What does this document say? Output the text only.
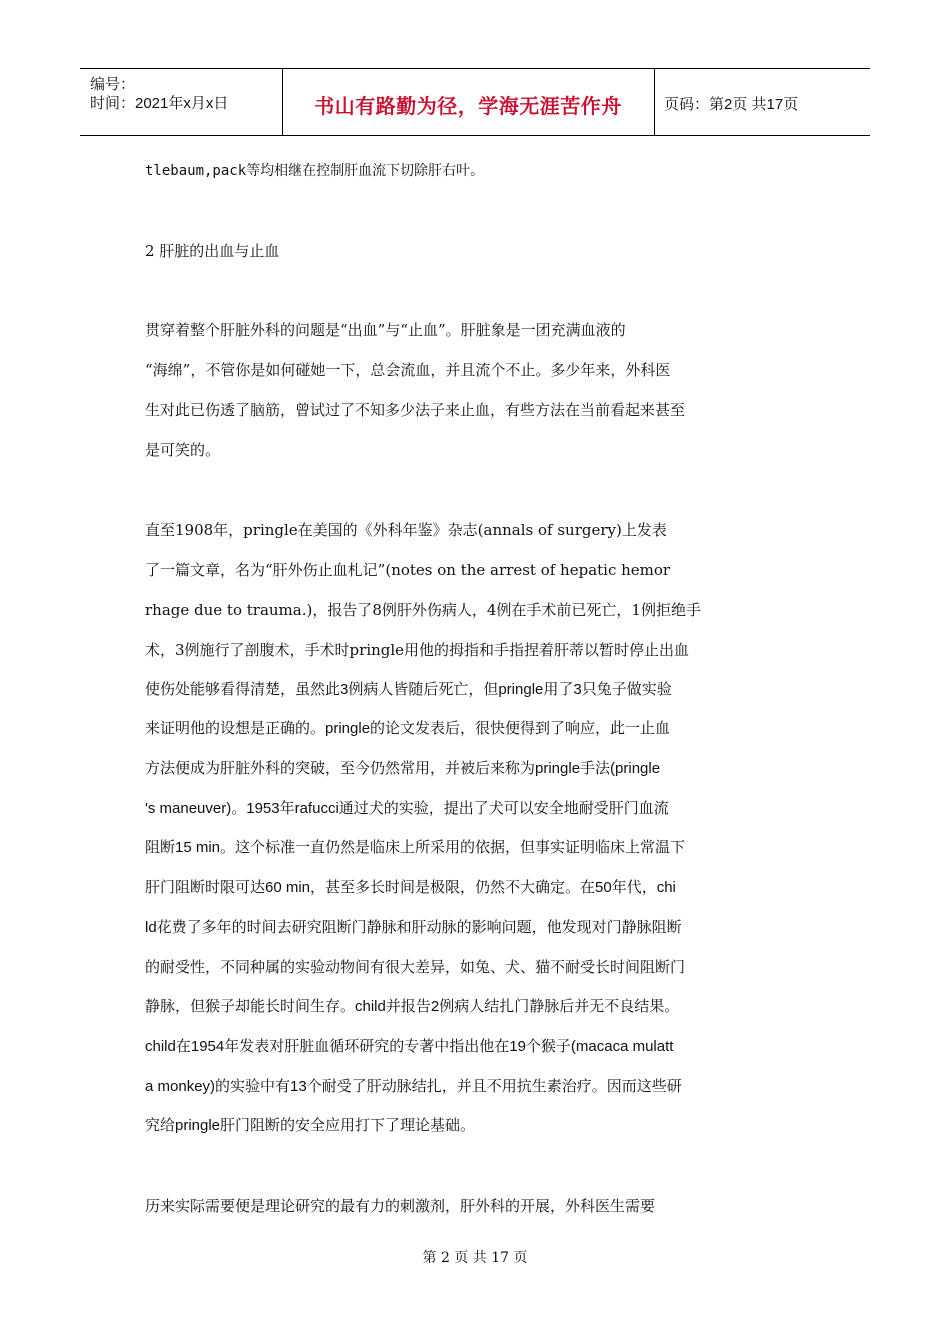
编号：
时间：2021年x月x日	书山有路勤为径，学海无涯苦作舟	页码：第2页 共17页
tlebaum,pack等均相继在控制肝血流下切除肝右叶。
2 肝脏的出血与止血
贯穿着整个肝脏外科的问题是“出血”与“止血”。肝脏象是一团充满血液的
“海绵”，不管你是如何碰她一下，总会流血，并且流个不止。多少年来，外科医
生对此已伤透了脑筋，曾试过了不知多少法子来止血，有些方法在当前看起来甚至
是可笑的。
直至1908年，pringle在美国的《外科年鉴》杂志(annals of surgery)上发表
了一篇文章，名为“肝外伤止血札记”(notes on the arrest of hepatic hemor
rhage due to trauma.)，报告了8例肝外伤病人，4例在手术前已死亡，1例拒绝手
术，3例施行了剖腹术，手术时pringle用他的拇指和手指捏着肝蒂以暂时停止出血
使伤处能够看得清楚，虽然此3例病人皆随后死亡，但pringle用了3只兔子做实验
来证明他的设想是正确的。pringle的论文发表后，很快便得到了响应，此一止血
方法便成为肝脏外科的突破，至今仍然常用，并被后来称为pringle手法(pringle
's maneuver)。1953年rafucci通过犬的实验，提出了犬可以安全地耐受肝门血流
阻断15 min。这个标准一直仍然是临床上所采用的依据，但事实证明临床上常温下
肝门阻断时限可达60 min，甚至多长时间是极限，仍然不大确定。在50年代，chi
ld花费了多年的时间去研究阻断门静脉和肝动脉的影响问题，他发现对门静脉阻断
的耐受性，不同种属的实验动物间有很大差异，如兔、犬、猫不耐受长时间阻断门
静脉，但猴子却能长时间生存。child并报告2例病人结扎门静脉后并无不良结果。
child在1954年发表对肝脏血循环研究的专著中指出他在19个猴子(macaca mulatt
a monkey)的实验中有13个耐受了肝动脉结扎，并且不用抗生素治疗。因而这些研
究给pringle肝门阻断的安全应用打下了理论基础。
历来实际需要便是理论研究的最有力的刺激剂，肝外科的开展，外科医生需要
第 2 页 共 17 页
